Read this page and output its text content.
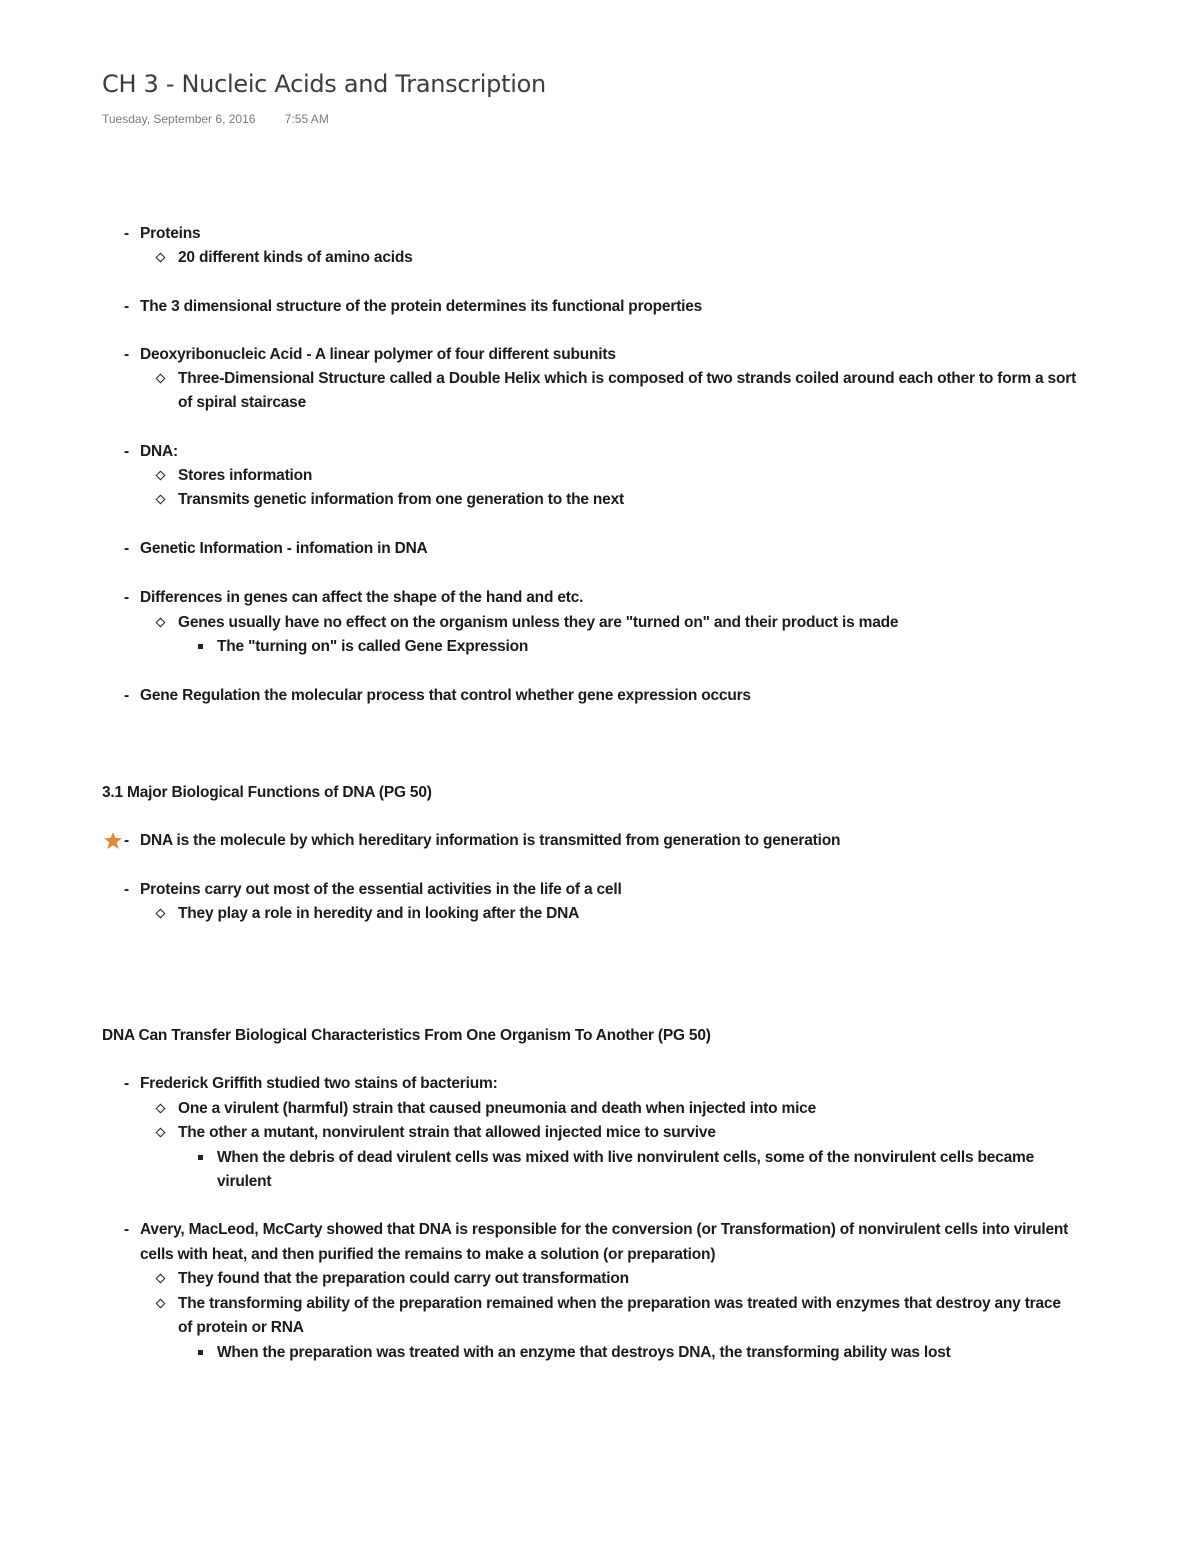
CH 3 - Nucleic Acids and Transcription
Tuesday, September 6, 2016 7:55 AM
- Proteins
20 different kinds of amino acids
- The 3 dimensional structure of the protein determines its functional properties
- Deoxyribonucleic Acid - A linear polymer of four different subunits
Three-Dimensional Structure called a Double Helix which is composed of two strands coiled around each other to form a sort
of spiral staircase
- DNA:
Stores information
Transmits genetic information from one generation to the next
- Genetic Information - infomation in DNA
- Differences in genes can affect the shape of the hand and etc.
Genes usually have no effect on the organism unless they are "turned on" and their product is made
The "turning on" is called Gene Expression
- Gene Regulation the molecular process that control whether gene expression occurs
3.1 Major Biological Functions of DNA (PG 50)
- DNA is the molecule by which hereditary information is transmitted from generation to generation
- Proteins carry out most of the essential activities in the life of a cell
They play a role in heredity and in looking after the DNA
DNA Can Transfer Biological Characteristics From One Organism To Another (PG 50)
- Frederick Griffith studied two stains of bacterium:
One a virulent (harmful) strain that caused pneumonia and death when injected into mice
The other a mutant, nonvirulent strain that allowed injected mice to survive
When the debris of dead virulent cells was mixed with live nonvirulent cells, some of the nonvirulent cells became
virulent
- Avery, MacLeod, McCarty showed that DNA is responsible for the conversion (or Transformation) of nonvirulent cells into virulent
cells with heat, and then purified the remains to make a solution (or preparation)
They found that the preparation could carry out transformation
The transforming ability of the preparation remained when the preparation was treated with enzymes that destroy any trace
of protein or RNA
When the preparation was treated with an enzyme that destroys DNA, the transforming ability was lost
